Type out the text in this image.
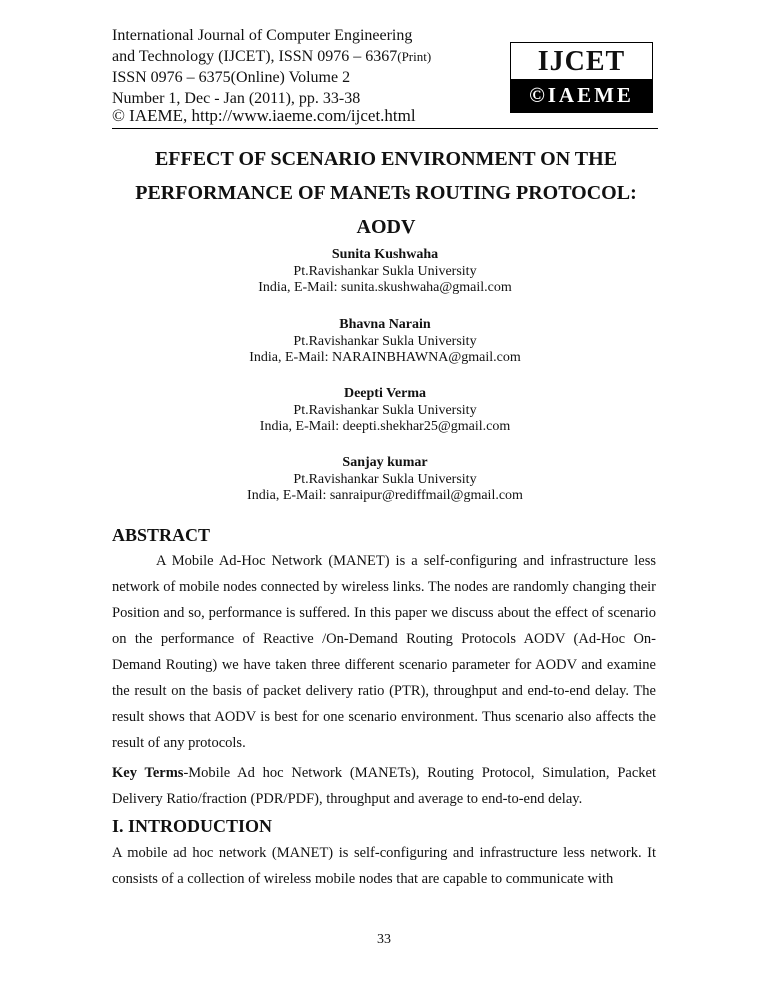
International Journal of Computer Engineering
and Technology (IJCET), ISSN 0976 – 6367(Print)
ISSN 0976 – 6375(Online) Volume 2
Number 1, Dec - Jan (2011), pp. 33-38
© IAEME, http://www.iaeme.com/ijcet.html
IJCET
©IAEME
EFFECT OF SCENARIO ENVIRONMENT ON THE
PERFORMANCE OF MANETs ROUTING PROTOCOL:
AODV
Sunita Kushwaha
Pt.Ravishankar Sukla University
India, E-Mail: sunita.skushwaha@gmail.com
Bhavna Narain
Pt.Ravishankar Sukla University
India, E-Mail: NARAINBHAWNA@gmail.com
Deepti Verma
Pt.Ravishankar Sukla University
India, E-Mail: deepti.shekhar25@gmail.com
Sanjay kumar
Pt.Ravishankar Sukla University
India, E-Mail: sanraipur@rediffmail@gmail.com
ABSTRACT
A Mobile Ad-Hoc Network (MANET) is a self-configuring and infrastructure less network of mobile nodes connected by wireless links. The nodes are randomly changing their Position and so, performance is suffered. In this paper we discuss about the effect of scenario on the performance of Reactive /On-Demand Routing Protocols AODV (Ad-Hoc On-Demand Routing) we have taken three different scenario parameter for AODV and examine the result on the basis of packet delivery ratio (PTR), throughput and end-to-end delay. The result shows that AODV is best for one scenario environment. Thus scenario also affects the result of any protocols.
Key Terms-Mobile Ad hoc Network (MANETs), Routing Protocol, Simulation, Packet Delivery Ratio/fraction (PDR/PDF), throughput and average to end-to-end delay.
I. INTRODUCTION
A mobile ad hoc network (MANET) is self-configuring and infrastructure less network. It consists of a collection of wireless mobile nodes that are capable to communicate with
33
